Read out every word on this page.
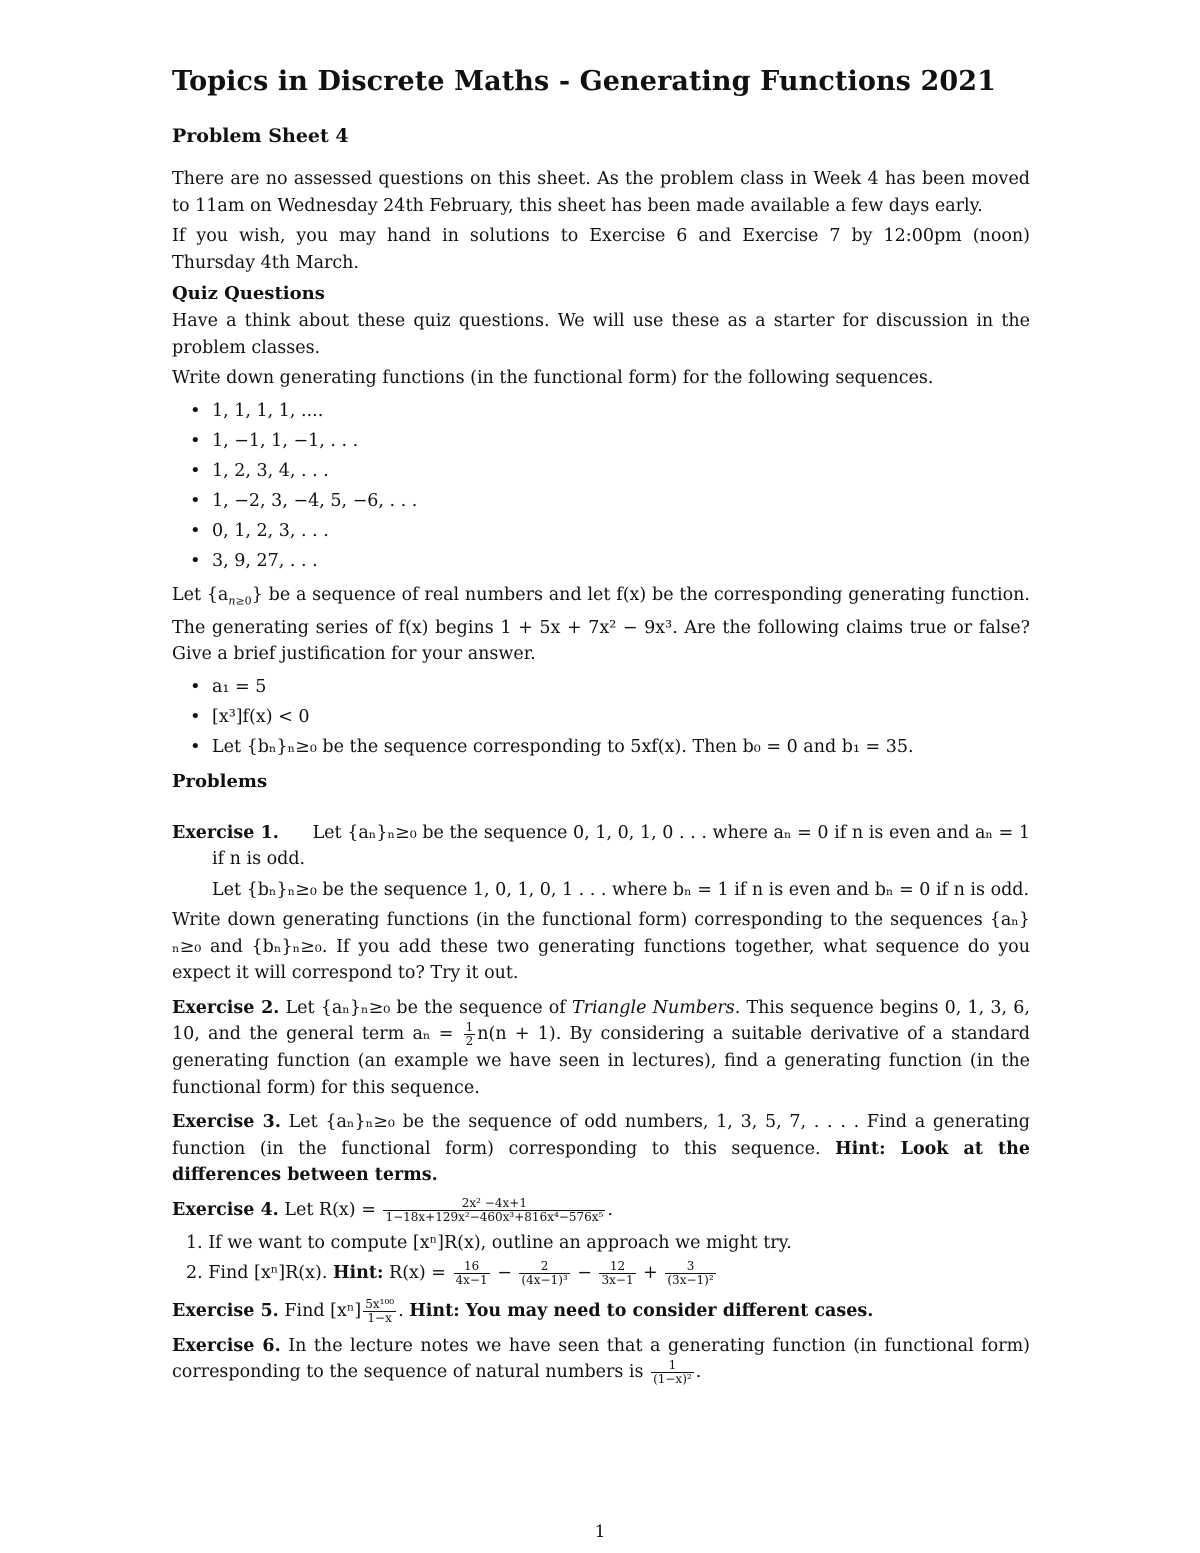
Topics in Discrete Maths - Generating Functions 2021
Problem Sheet 4

There are no assessed questions on this sheet. As the problem class in Week 4 has been moved to 11am on Wednesday 24th February, this sheet has been made available a few days early.

If you wish, you may hand in solutions to Exercise 6 and Exercise 7 by 12:00pm (noon) Thursday 4th March.

Quiz Questions

Have a think about these quiz questions. We will use these as a starter for discussion in the problem classes.

Write down generating functions (in the functional form) for the following sequences.

• 1, 1, 1, 1, ....
• 1, −1, 1, −1, . . .
• 1, 2, 3, 4, . . .
• 1, −2, 3, −4, 5, −6, . . .
• 0, 1, 2, 3, . . .
• 3, 9, 27, . . .

Let $\{a_{n\ge 0}\}$ be a sequence of real numbers and let f(x) be the corresponding generating function. The generating series of f(x) begins 1 + 5x + 7x² − 9x³. Are the following claims true or false? Give a brief justification for your answer.

• a₁ = 5
• [x³]f(x) < 0
• Let {bₙ}ₙ≥₀ be the sequence corresponding to 5xf(x). Then b₀ = 0 and b₁ = 35.
Problems

Exercise 1. Let {aₙ}ₙ≥₀ be the sequence 0, 1, 0, 1, 0 . . . where aₙ = 0 if n is even and aₙ = 1 if n is odd.

Let {bₙ}ₙ≥₀ be the sequence 1, 0, 1, 0, 1 . . . where bₙ = 1 if n is even and bₙ = 0 if n is odd.

Write down generating functions (in the functional form) corresponding to the sequences {aₙ}ₙ≥₀ and {bₙ}ₙ≥₀. If you add these two generating functions together, what sequence do you expect it will correspond to? Try it out.

Exercise 2. Let {aₙ}ₙ≥₀ be the sequence of Triangle Numbers. This sequence begins 0, 1, 3, 6, 10, and the general term $a_n = \frac{1}{2} n(n + 1)$. By considering a suitable derivative of a standard generating function (an example we have seen in lectures), find a generating function (in the functional form) for this sequence.

Exercise 3. Let {aₙ}ₙ≥₀ be the sequence of odd numbers, 1, 3, 5, 7, . . . . Find a generating function (in the functional form) corresponding to this sequence. Hint: Look at the differences between terms.

Exercise 4. Let $R(x) = \frac{\text{2x² −4x+1}}{\text{1−18x+129x²−460x³+816x⁴−576x⁵}}$ .

1. If we want to compute [xⁿ]R(x), outline an approach we might try.
2. Find [xⁿ]R(x). Hint: $R(x) = \frac{16}{4x-1} - \frac{2}{\text{(4x−1)³}} - \frac{12}{3x-1} + \frac{3}{\text{(3x−1)²}}$

Exercise 5. Find $[x^n] \frac{\text{5x¹⁰⁰}}{1-x}$ . Hint: You may need to consider different cases.

Exercise 6. In the lecture notes we have seen that a generating function (in functional form) corresponding to the sequence of natural numbers is $\frac{1}{\text{(1−x)²}}$ .

1
